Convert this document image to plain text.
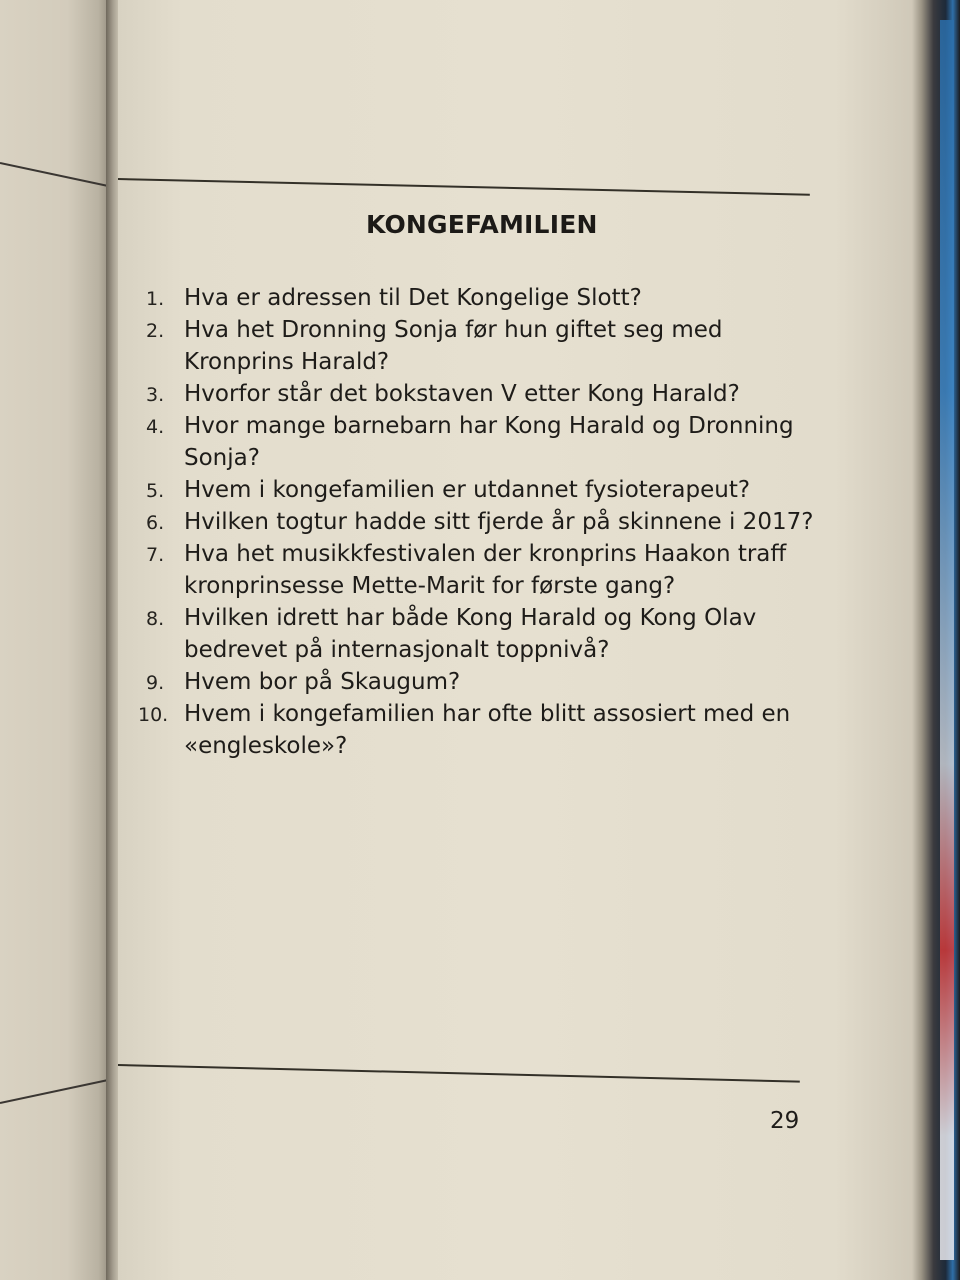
KONGEFAMILIEN
1. Hva er adressen til Det Kongelige Slott?
2. Hva het Dronning Sonja før hun giftet seg med Kronprins Harald?
3. Hvorfor står det bokstaven V etter Kong Harald?
4. Hvor mange barnebarn har Kong Harald og Dronning Sonja?
5. Hvem i kongefamilien er utdannet fysioterapeut?
6. Hvilken togtur hadde sitt fjerde år på skinnene i 2017?
7. Hva het musikkfestivalen der kronprins Haakon traff kronprinsesse Mette-Marit for første gang?
8. Hvilken idrett har både Kong Harald og Kong Olav bedrevet på internasjonalt toppnivå?
9. Hvem bor på Skaugum?
10. Hvem i kongefamilien har ofte blitt assosiert med en «engleskole»?
29
